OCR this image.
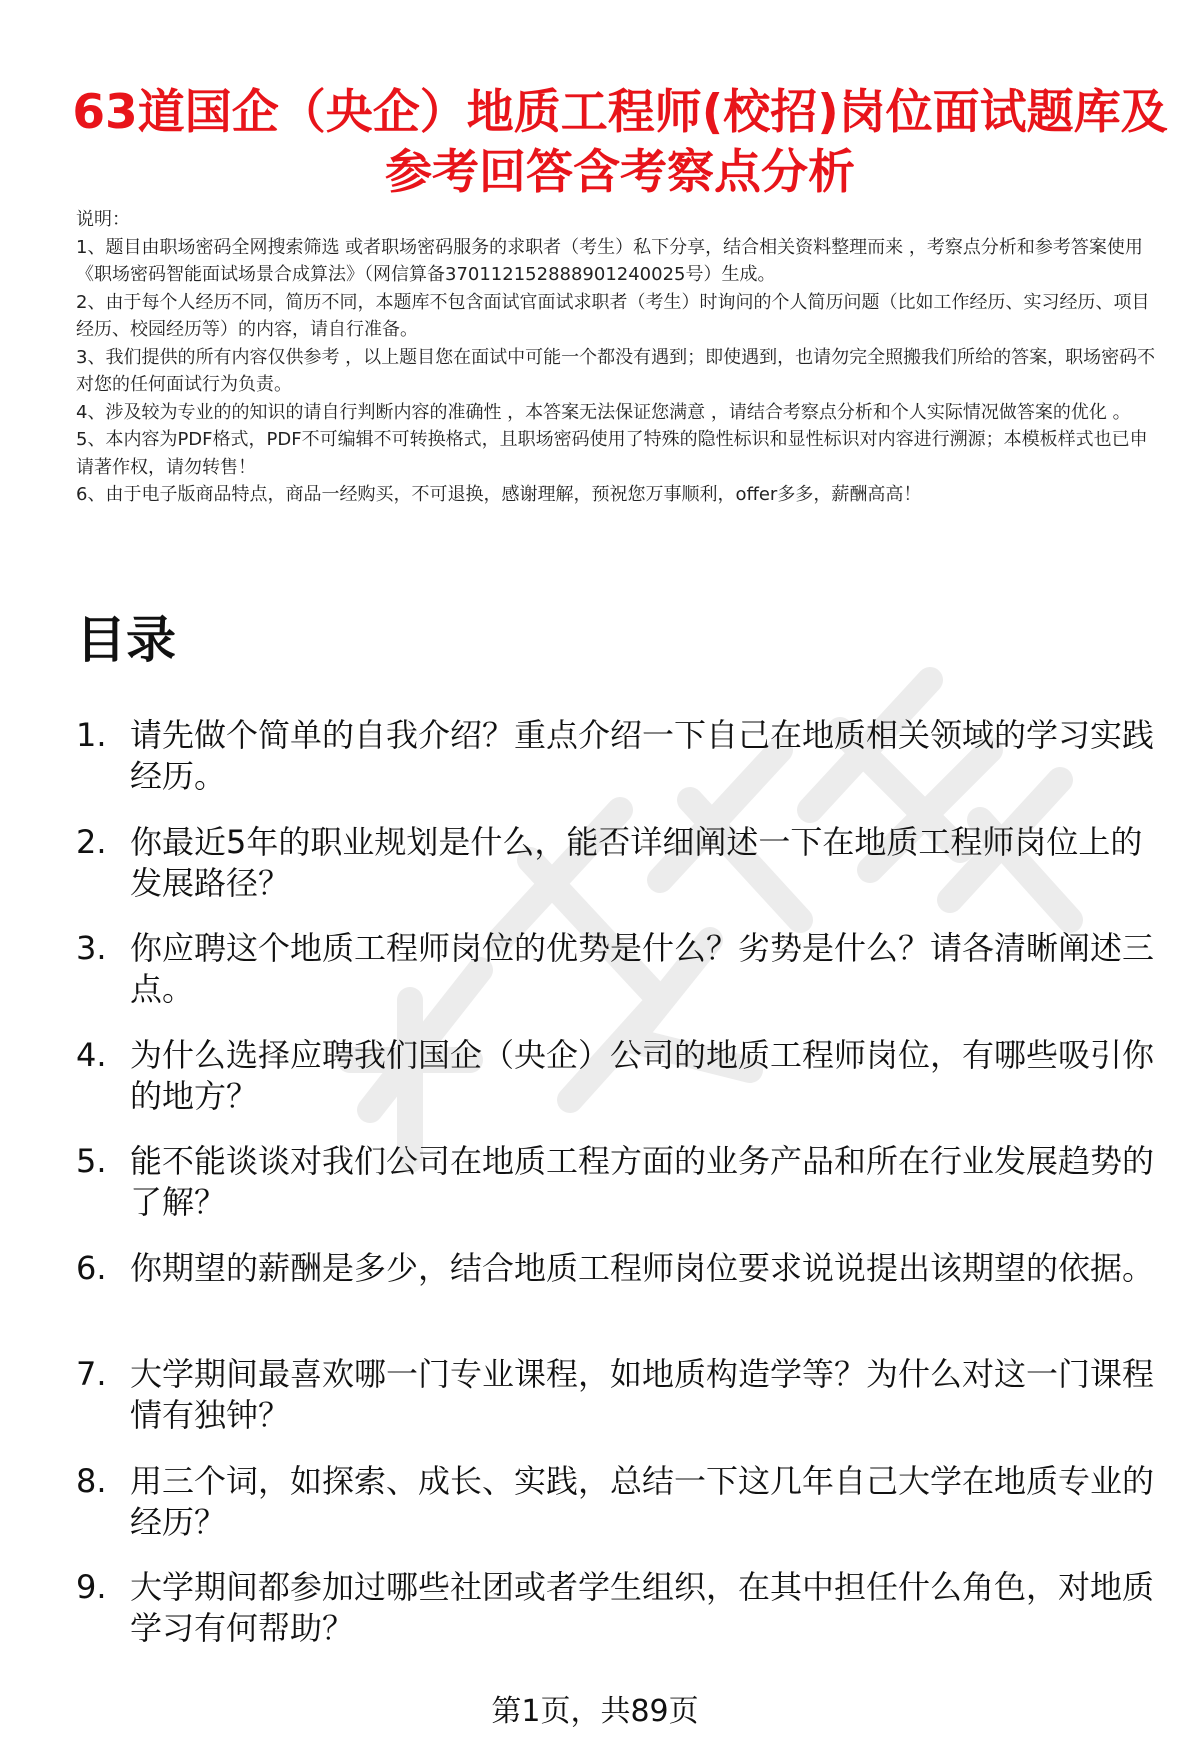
63道国企（央企）地质工程师(校招)岗位面试题库及参考回答含考察点分析

说明：

1、题目由职场密码全网搜索筛选 或者职场密码服务的求职者（考生）私下分享，结合相关资料整理而来 ，考察点分析和参考答案使用《职场密码智能面试场景合成算法》（网信算备370112152888901240025号）生成。

2、由于每个人经历不同，简历不同，本题库不包含面试官面试求职者（考生）时询问的个人简历问题（比如工作经历、实习经历、项目经历、校园经历等）的内容，请自行准备。

3、我们提供的所有内容仅供参考 ，以上题目您在面试中可能一个都没有遇到；即使遇到，也请勿完全照搬我们所给的答案，职场密码不对您的任何面试行为负责。

4、涉及较为专业的的知识的请自行判断内容的准确性 ，本答案无法保证您满意 ，请结合考察点分析和个人实际情况做答案的优化 。

5、本内容为PDF格式，PDF不可编辑不可转换格式，且职场密码使用了特殊的隐性标识和显性标识对内容进行溯源；本模板样式也已申请著作权，请勿转售！

6、由于电子版商品特点，商品一经购买，不可退换，感谢理解，预祝您万事顺利，offer多多，薪酬高高！

目录
1. 请先做个简单的自我介绍？重点介绍一下自己在地质相关领域的学习实践经历。
2. 你最近5年的职业规划是什么，能否详细阐述一下在地质工程师岗位上的发展路径？
3. 你应聘这个地质工程师岗位的优势是什么？劣势是什么？请各清晰阐述三点。
4. 为什么选择应聘我们国企（央企）公司的地质工程师岗位，有哪些吸引你的地方？
5. 能不能谈谈对我们公司在地质工程方面的业务产品和所在行业发展趋势的了解？
6. 你期望的薪酬是多少，结合地质工程师岗位要求说说提出该期望的依据。
7. 大学期间最喜欢哪一门专业课程，如地质构造学等？为什么对这一门课程情有独钟？
8. 用三个词，如探索、成长、实践，总结一下这几年自己大学在地质专业的经历？
9. 大学期间都参加过哪些社团或者学生组织，在其中担任什么角色，对地质学习有何帮助？
第1页，共89页
